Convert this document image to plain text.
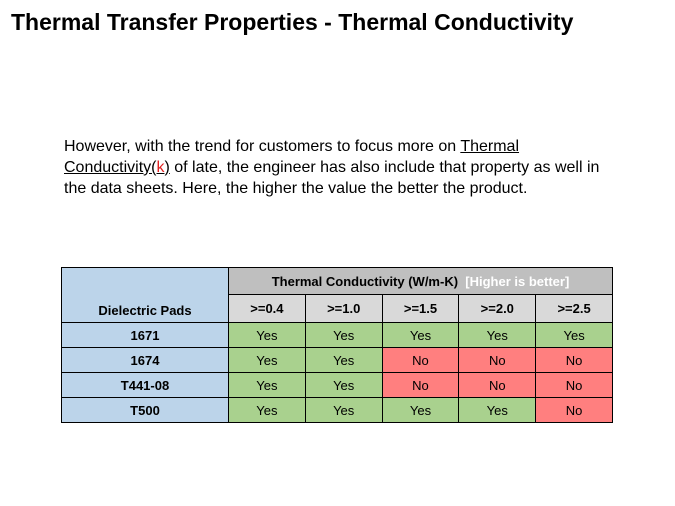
Thermal Transfer Properties - Thermal Conductivity
However, with the trend for customers to focus more on Thermal Conductivity(k) of late, the engineer has also include that property as well in the data sheets. Here, the higher the value the better the product.
Dielectric Pads	Thermal Conductivity (W/m-K) [Higher is better]				
	>=0.4	>=1.0	>=1.5	>=2.0	>=2.5
1671	Yes	Yes	Yes	Yes	Yes
1674	Yes	Yes	No	No	No
T441-08	Yes	Yes	No	No	No
T500	Yes	Yes	Yes	Yes	No
